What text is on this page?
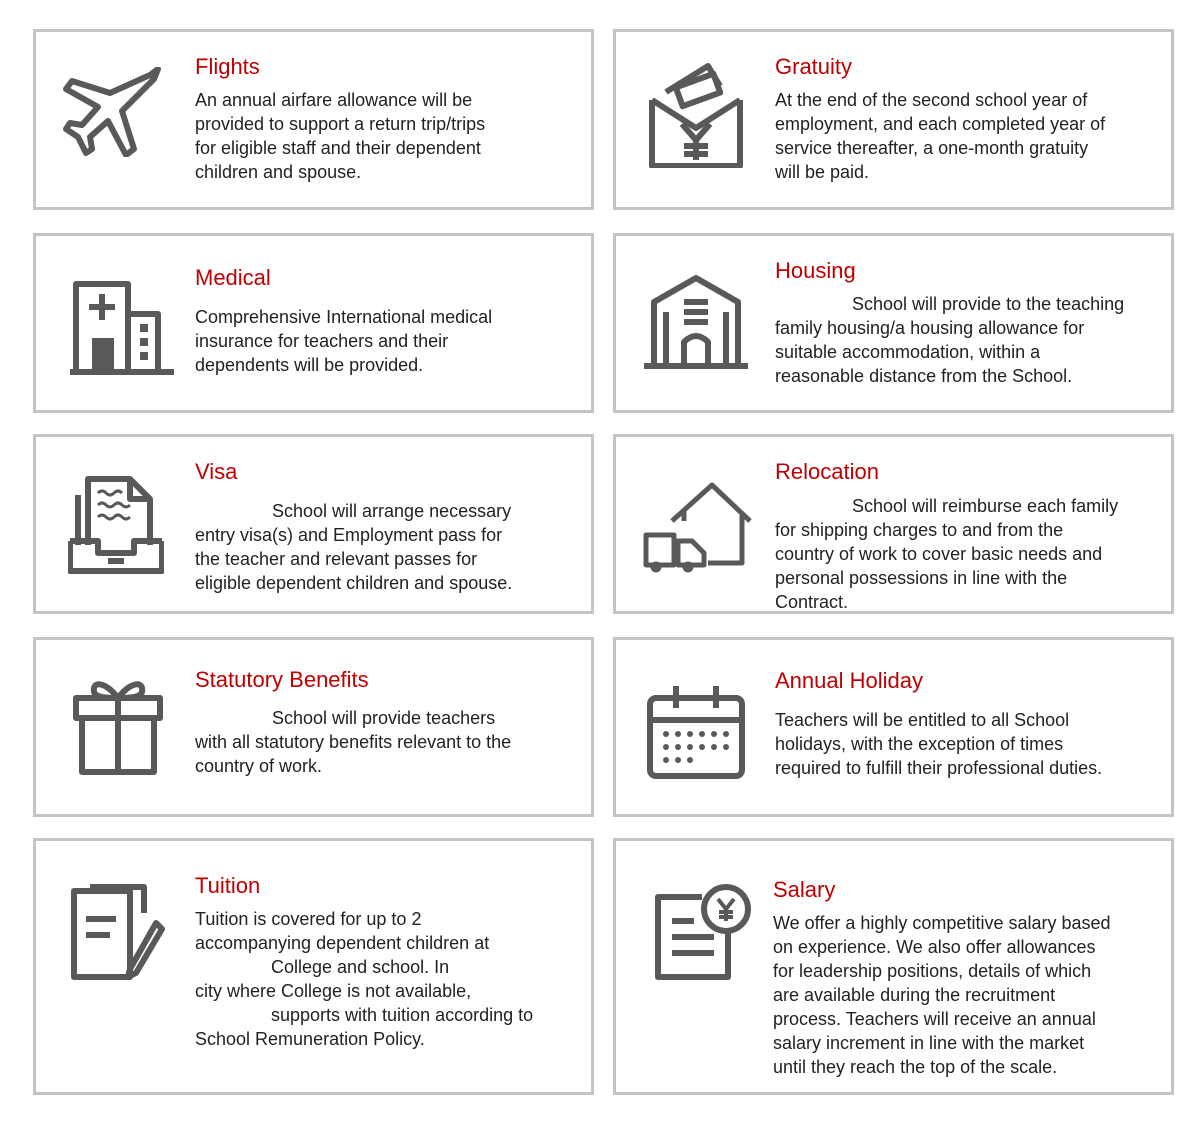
Flights
An annual airfare allowance will be
provided to support a return trip/trips
for eligible staff and their dependent
children and spouse.
Gratuity
At the end of the second school year of
employment, and each completed year of
service thereafter, a one-month gratuity
will be paid.
Medical
Comprehensive International medical
insurance for teachers and their
dependents will be provided.
Housing
School will provide to the teaching
family housing/a housing allowance for
suitable accommodation, within a
reasonable distance from the School.
Visa
School will arrange necessary
entry visa(s) and Employment pass for
the teacher and relevant passes for
eligible dependent children and spouse.
Relocation
School will reimburse each family
for shipping charges to and from the
country of work to cover basic needs and
personal possessions in line with the
Contract.
Statutory Benefits
School will provide teachers
with all statutory benefits relevant to the
country of work.
Annual Holiday
Teachers will be entitled to all School
holidays, with the exception of times
required to fulfill their professional duties.
Tuition
Tuition is covered for up to 2
accompanying dependent children at
College and school. In
city where College is not available,
supports with tuition according to
School Remuneration Policy.
Salary
We offer a highly competitive salary based
on experience. We also offer allowances
for leadership positions, details of which
are available during the recruitment
process. Teachers will receive an annual
salary increment in line with the market
until they reach the top of the scale.
